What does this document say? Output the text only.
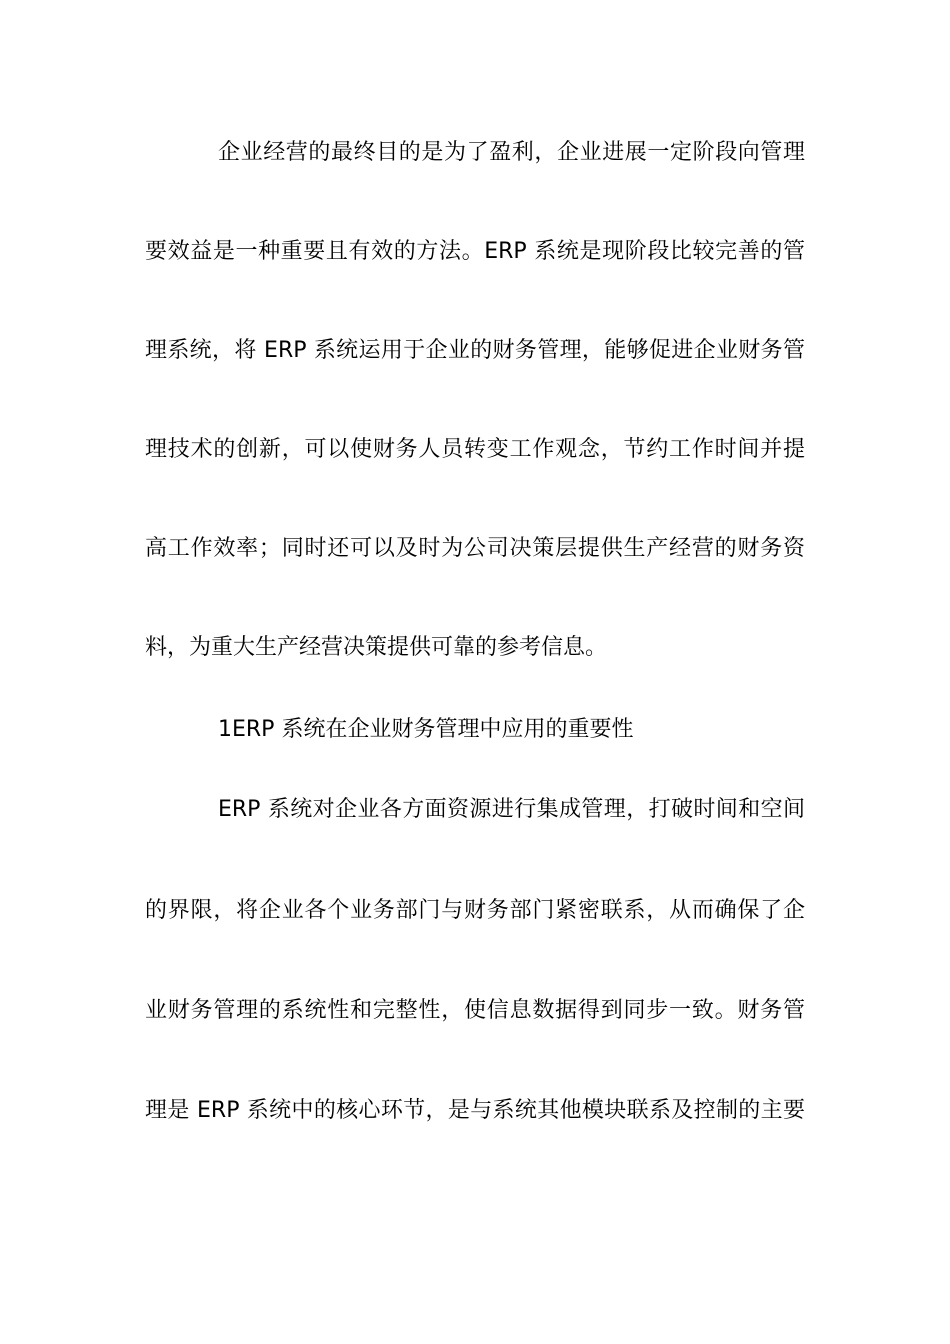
企业经营的最终目的是为了盈利，企业进展一定阶段向管理
要效益是一种重要且有效的方法。ERP 系统是现阶段比较完善的管
理系统，将 ERP 系统运用于企业的财务管理，能够促进企业财务管
理技术的创新，可以使财务人员转变工作观念，节约工作时间并提
高工作效率；同时还可以及时为公司决策层提供生产经营的财务资
料，为重大生产经营决策提供可靠的参考信息。
1ERP 系统在企业财务管理中应用的重要性
ERP 系统对企业各方面资源进行集成管理，打破时间和空间
的界限，将企业各个业务部门与财务部门紧密联系，从而确保了企
业财务管理的系统性和完整性，使信息数据得到同步一致。财务管
理是 ERP 系统中的核心环节，是与系统其他模块联系及控制的主要
